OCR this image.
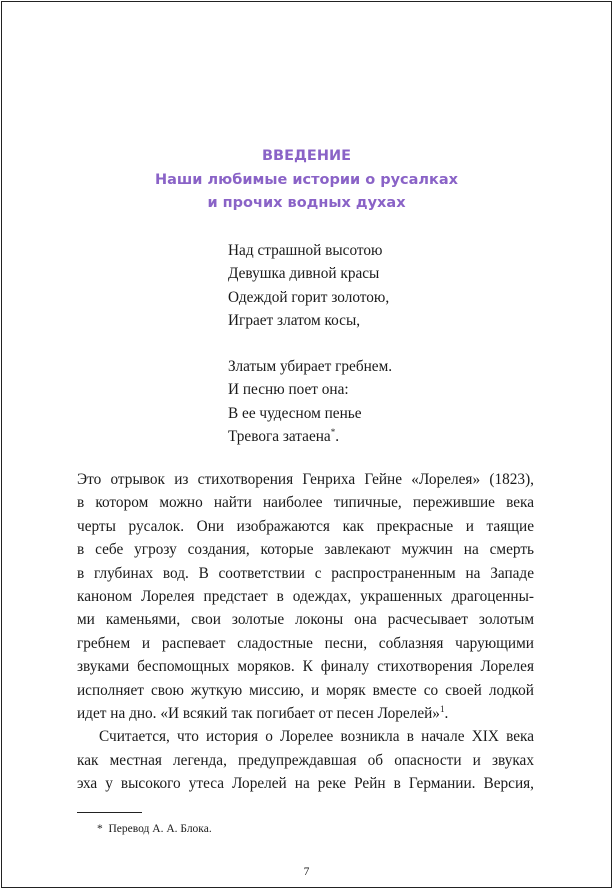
ВВЕДЕНИЕ
Наши любимые истории о русалках
и прочих водных духах
Над страшной высотою
Девушка дивной красы
Одеждой горит золотою,
Играет златом косы,
Златым убирает гребнем.
И песню поет она:
В ее чудесном пенье
Тревога затаена*.
Это отрывок из стихотворения Генриха Гейне «Лорелея» (1823),
в котором можно найти наиболее типичные, пережившие века
черты русалок. Они изображаются как прекрасные и таящие
в себе угрозу создания, которые завлекают мужчин на смерть
в глубинах вод. В соответствии с распространенным на Западе
каноном Лорелея предстает в одеждах, украшенных драгоценны-
ми каменьями, свои золотые локоны она расчесывает золотым
гребнем и распевает сладостные песни, соблазняя чарующими
звуками беспомощных моряков. К финалу стихотворения Лорелея
исполняет свою жуткую миссию, и моряк вместе со своей лодкой
идет на дно. «И всякий так погибает от песен Лорелей»$^1$.
Считается, что история о Лорелее возникла в начале XIX века
как местная легенда, предупреждавшая об опасности и звуках
эха у высокого утеса Лорелей на реке Рейн в Германии. Версия,
* Перевод А. А. Блока.
7
